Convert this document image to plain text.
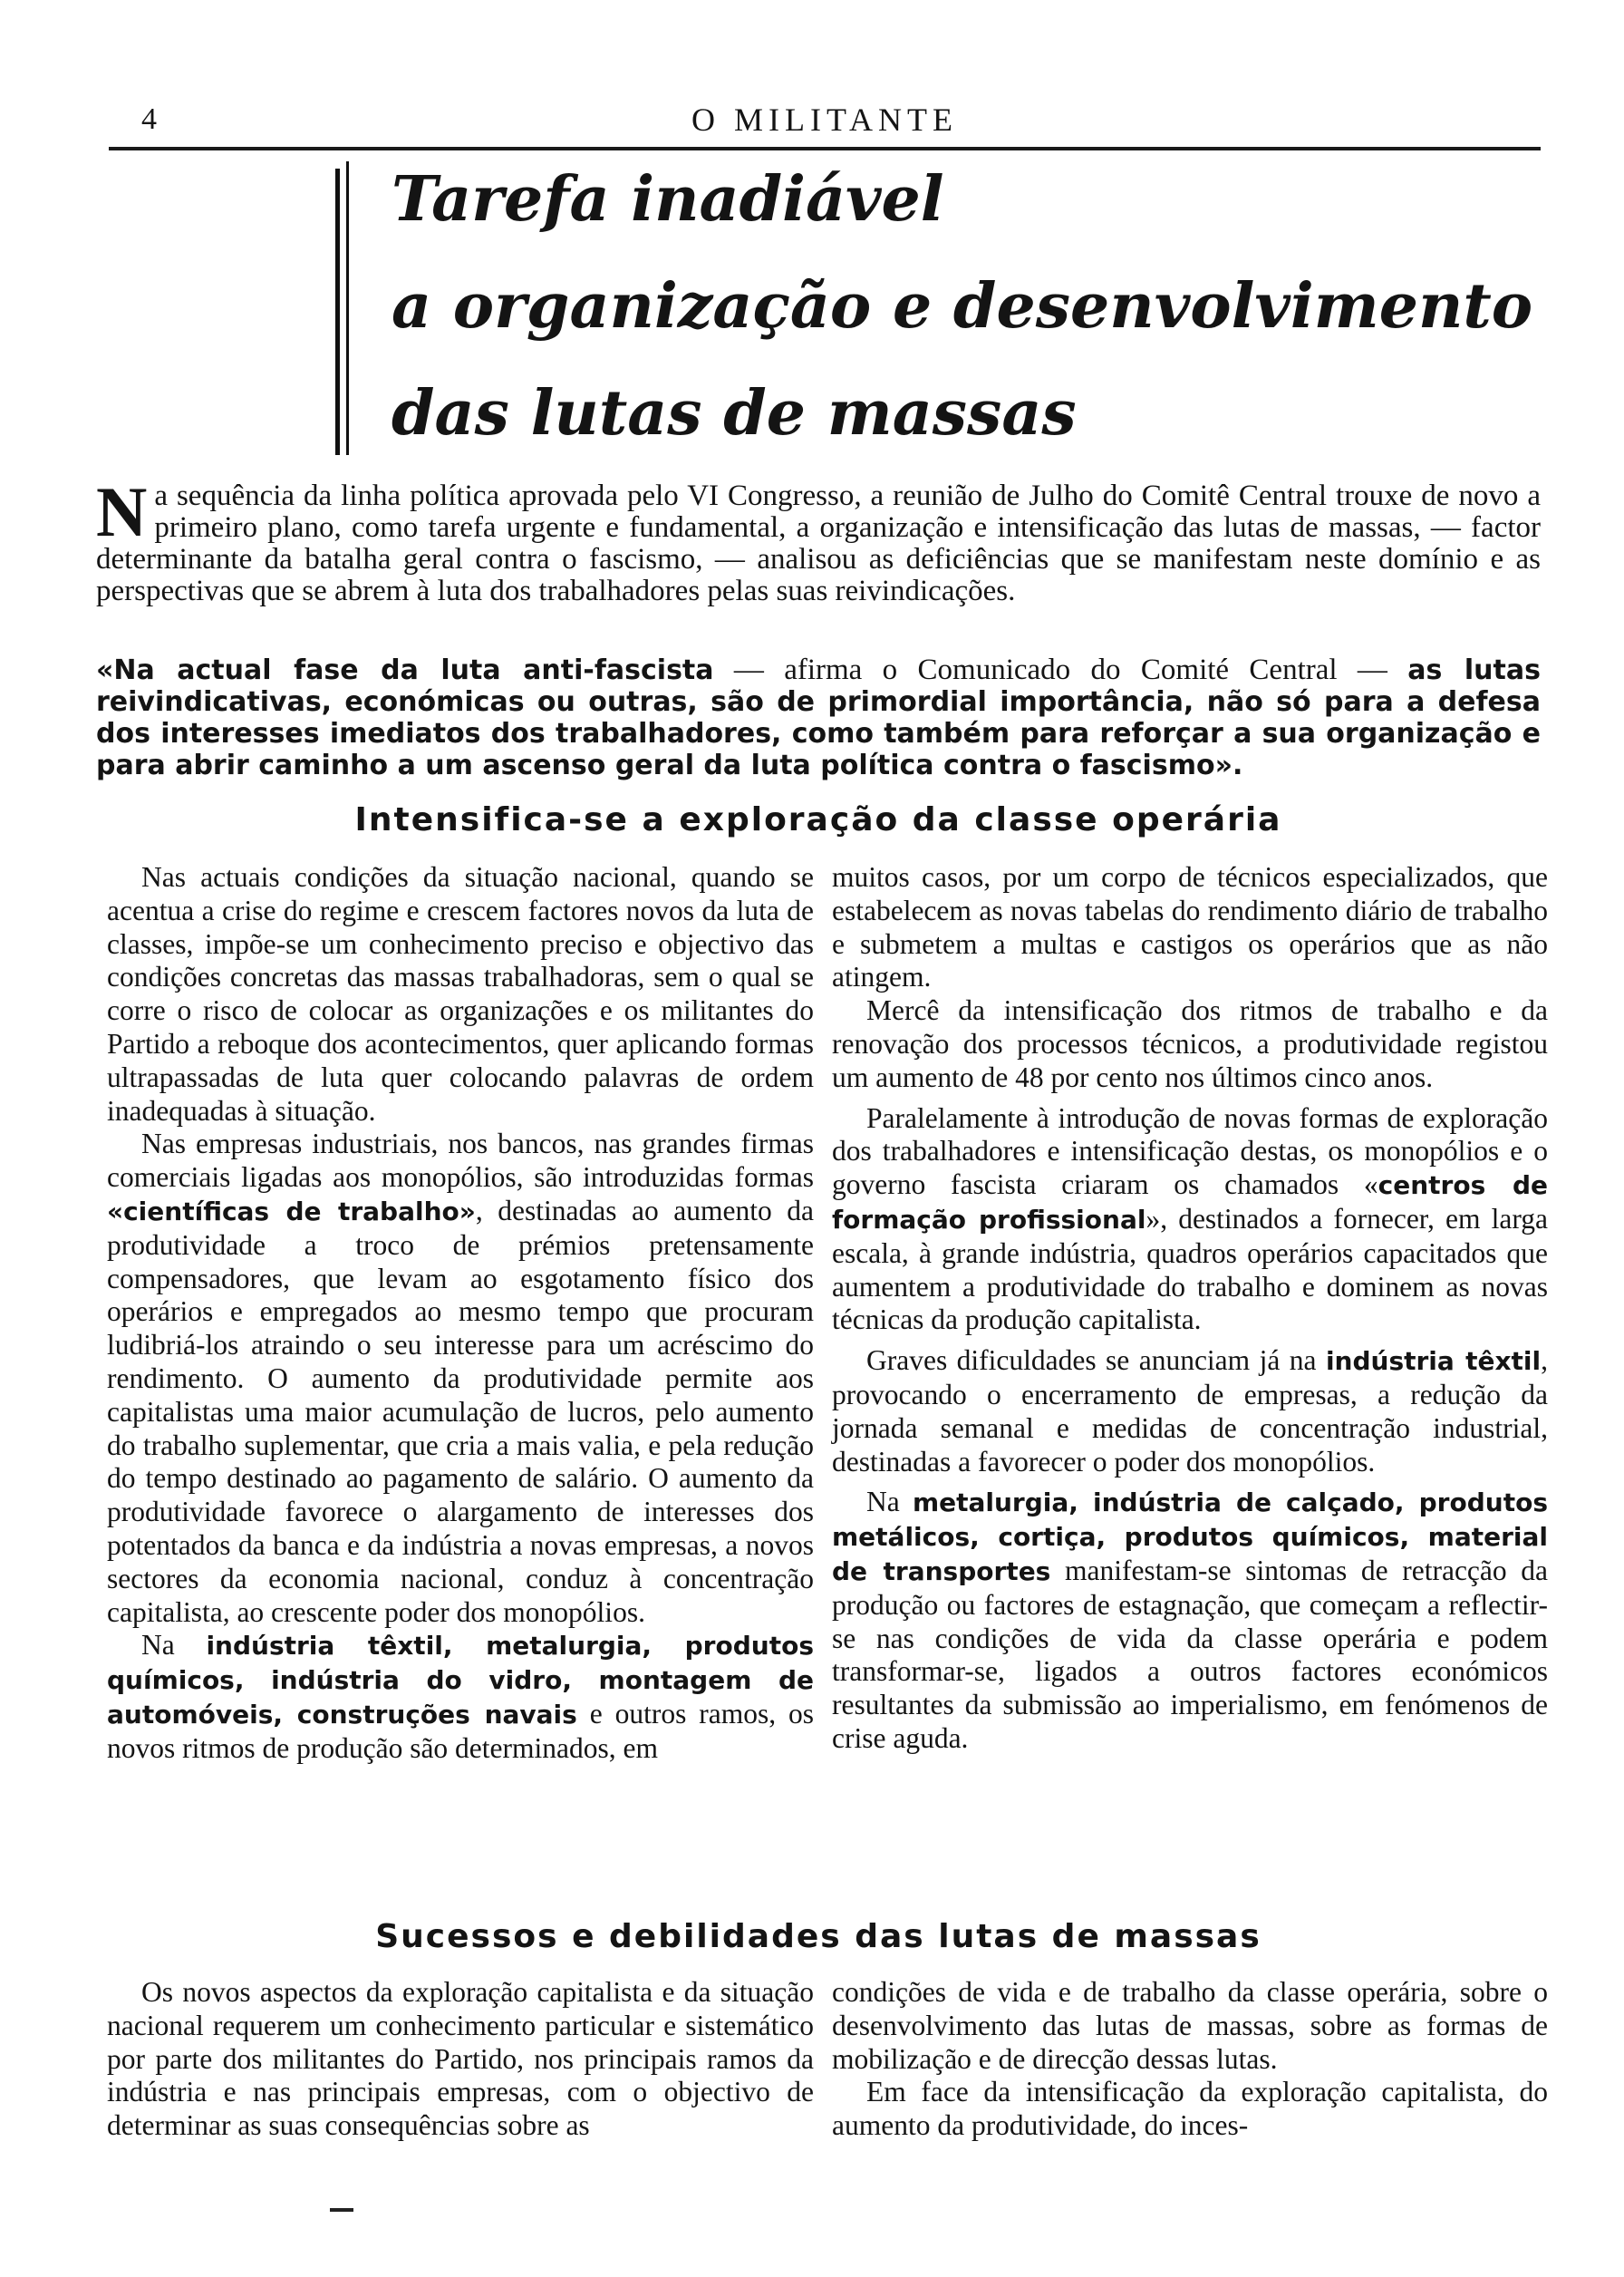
4	O MILITANTE
Tarefa inadiável
a organização e desenvolvimento
das lutas de massas
Na sequência da linha política aprovada pelo VI Congresso, a reunião de Julho do Comitê Central trouxe de novo a primeiro plano, como tarefa urgente e fundamental, a organização e intensificação das lutas de massas, — factor determinante da batalha geral contra o fascismo, — analisou as deficiências que se manifestam neste domínio e as perspectivas que se abrem à luta dos trabalhadores pelas suas reivindicações.
«Na actual fase da luta anti-fascista — afirma o Comunicado do Comité Central — as lutas reivindicativas, económicas ou outras, são de primordial importância, não só para a defesa dos interesses imediatos dos trabalhadores, como também para reforçar a sua organização e para abrir caminho a um ascenso geral da luta política contra o fascismo».
Intensifica-se a exploração da classe operária

Nas actuais condições da situação nacional, quando se acentua a crise do regime e crescem factores novos da luta de classes, impõe-se um conhecimento preciso e objectivo das condições concretas das massas trabalhadoras, sem o qual se corre o risco de colocar as organizações e os militantes do Partido a reboque dos acontecimentos, quer aplicando formas ultrapassadas de luta quer colocando palavras de ordem inadequadas à situação.

Nas empresas industriais, nos bancos, nas grandes firmas comerciais ligadas aos monopólios, são introduzidas formas «científicas de trabalho», destinadas ao aumento da produtividade a troco de prémios pretensamente compensadores, que levam ao esgotamento físico dos operários e empregados ao mesmo tempo que procuram ludibriá-los atraindo o seu interesse para um acréscimo do rendimento. O aumento da produtividade permite aos capitalistas uma maior acumulação de lucros, pelo aumento do trabalho suplementar, que cria a mais valia, e pela redução do tempo destinado ao pagamento de salário. O aumento da produtividade favorece o alargamento de interesses dos potentados da banca e da indústria a novas empresas, a novos sectores da economia nacional, conduz à concentração capitalista, ao crescente poder dos monopólios.

Na indústria têxtil, metalurgia, produtos químicos, indústria do vidro, montagem de automóveis, construções navais e outros ramos, os novos ritmos de produção são determinados, em

muitos casos, por um corpo de técnicos especializados, que estabelecem as novas tabelas do rendimento diário de trabalho e submetem a multas e castigos os operários que as não atingem.

Mercê da intensificação dos ritmos de trabalho e da renovação dos processos técnicos, a produtividade registou um aumento de 48 por cento nos últimos cinco anos.

Paralelamente à introdução de novas formas de exploração dos trabalhadores e intensificação destas, os monopólios e o governo fascista criaram os chamados «centros de formação profissional», destinados a fornecer, em larga escala, à grande indústria, quadros operários capacitados que aumentem a produtividade do trabalho e dominem as novas técnicas da produção capitalista.

Graves dificuldades se anunciam já na indústria têxtil, provocando o encerramento de empresas, a redução da jornada semanal e medidas de concentração industrial, destinadas a favorecer o poder dos monopólios.

Na metalurgia, indústria de calçado, produtos metálicos, cortiça, produtos químicos, material de transportes manifestam-se sintomas de retracção da produção ou factores de estagnação, que começam a reflectir-se nas condições de vida da classe operária e podem transformar-se, ligados a outros factores económicos resultantes da submissão ao imperialismo, em fenómenos de crise aguda.

Sucessos e debilidades das lutas de massas

Os novos aspectos da exploração capitalista e da situação nacional requerem um conhecimento particular e sistemático por parte dos militantes do Partido, nos principais ramos da indústria e nas principais empresas, com o objectivo de determinar as suas consequências sobre as

condições de vida e de trabalho da classe operária, sobre o desenvolvimento das lutas de massas, sobre as formas de mobilização e de direcção dessas lutas.

Em face da intensificação da exploração capitalista, do aumento da produtividade, do inces-
